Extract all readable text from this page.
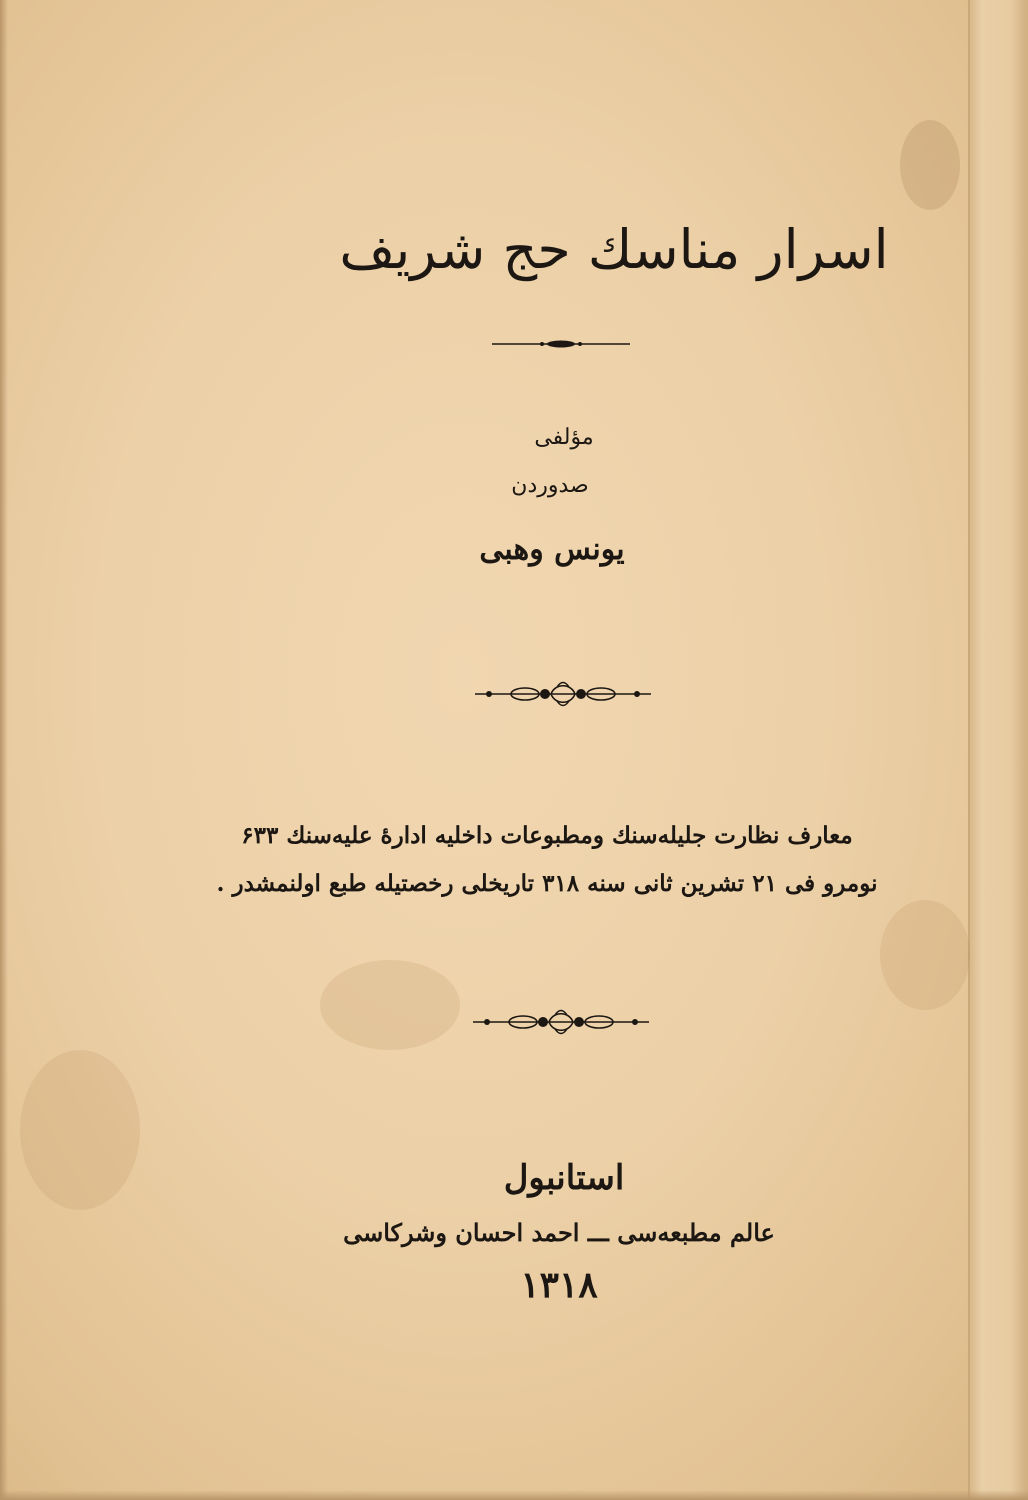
اسرار مناسك حج شريف
مؤلفی
صدوردن
یونس وهبی
معارف نظارت جلیله‌سنك ومطبوعات داخلیه ادارهٔ علیه‌سنك ۶۳۳
نومرو فی ۲۱ تشرین ثانی سنه ۳۱۸ تاریخلی رخصتیله طبع اولنمشدر .
استانبول
عالم مطبعه‌سی ـــ احمد احسان وشركاسی
۱۳۱۸
